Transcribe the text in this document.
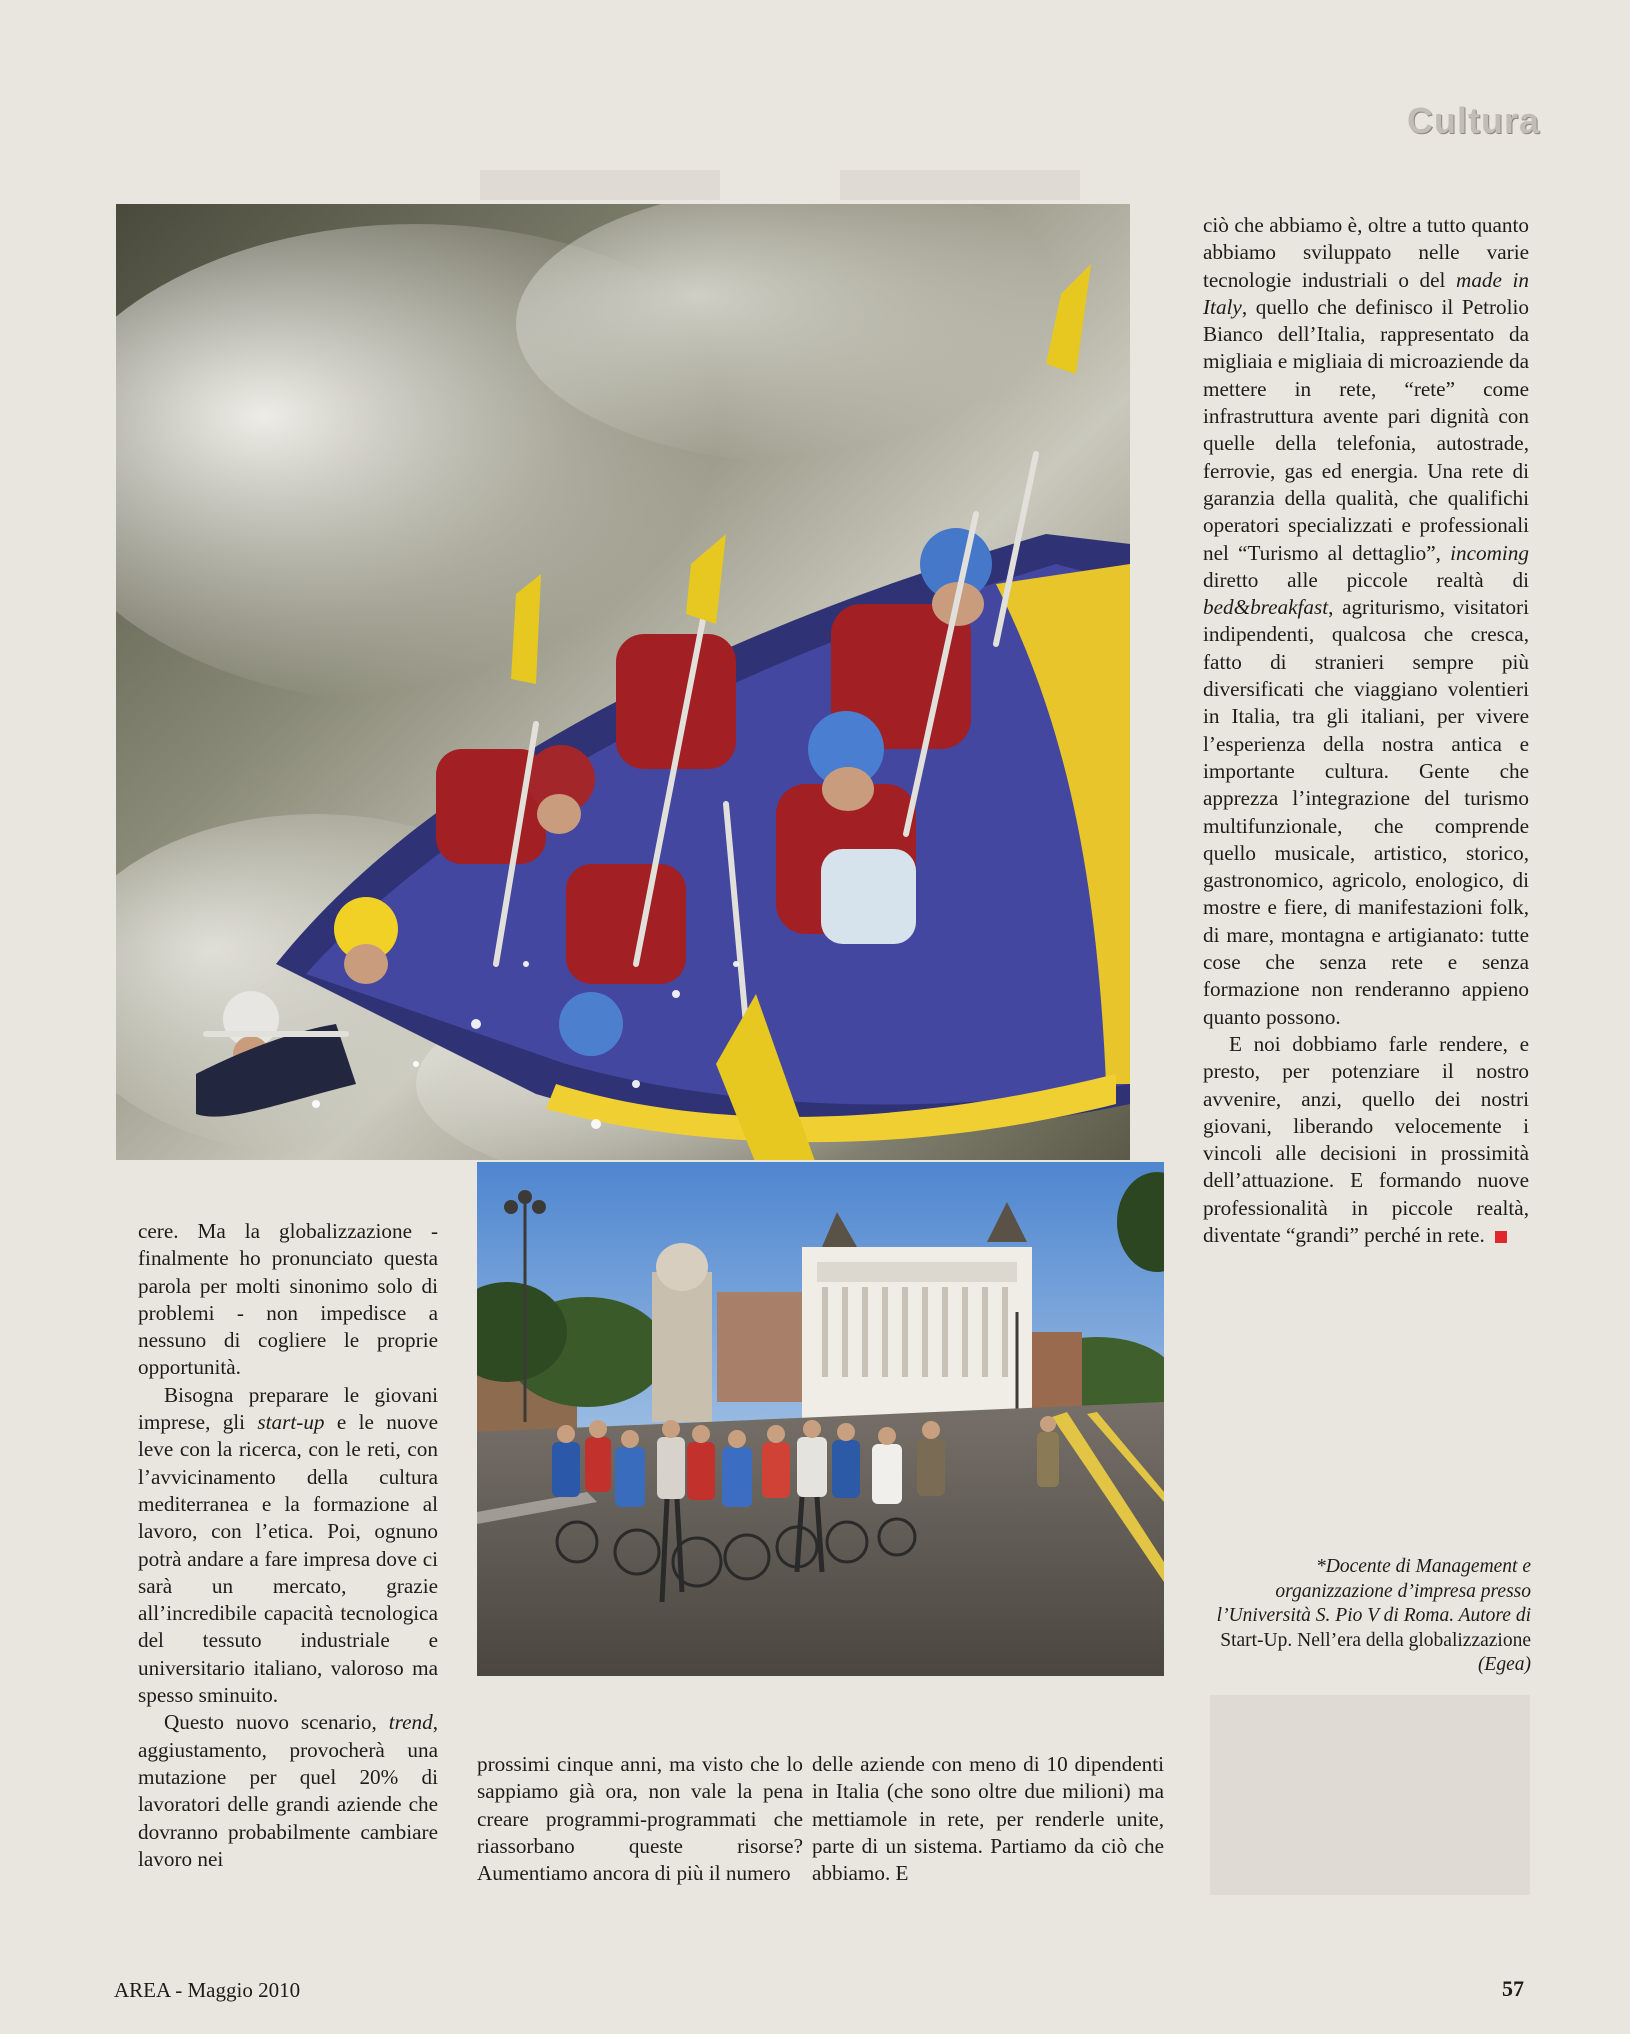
Cultura

ciò che abbiamo è, oltre a tutto quanto abbiamo sviluppato nelle varie tecnologie industriali o del made in Italy, quello che definisco il Petrolio Bianco dell’Italia, rappresentato da migliaia e migliaia di microaziende da mettere in rete, “rete” come infrastruttura avente pari dignità con quelle della telefonia, autostrade, ferrovie, gas ed energia. Una rete di garanzia della qualità, che qualifichi operatori specializzati e professionali nel “Turismo al dettaglio”, incoming diretto alle piccole realtà di bed&breakfast, agriturismo, visitatori indipendenti, qualcosa che cresca, fatto di stranieri sempre più diversificati che viaggiano volentieri in Italia, tra gli italiani, per vivere l’esperienza della nostra antica e importante cultura. Gente che apprezza l’integrazione del turismo multifunzionale, che comprende quello musicale, artistico, storico, gastronomico, agricolo, enologico, di mostre e fiere, di manifestazioni folk, di mare, montagna e artigianato: tutte cose che senza rete e senza formazione non renderanno appieno quanto possono.

E noi dobbiamo farle rendere, e presto, per potenziare il nostro avvenire, anzi, quello dei nostri giovani, liberando velocemente i vincoli alle decisioni in prossimità dell’attuazione. E formando nuove professionalità in piccole realtà, diventate “grandi” perché in rete.

cere. Ma la globalizzazione - finalmente ho pronunciato questa parola per molti sinonimo solo di problemi - non impedisce a nessuno di cogliere le proprie opportunità.

Bisogna preparare le giovani imprese, gli start-up e le nuove leve con la ricerca, con le reti, con l’avvicinamento della cultura mediterranea e la formazione al lavoro, con l’etica. Poi, ognuno potrà andare a fare impresa dove ci sarà un mercato, grazie all’incredibile capacità tecnologica del tessuto industriale e universitario italiano, valoroso ma spesso sminuito.

Questo nuovo scenario, trend, aggiustamento, provocherà una mutazione per quel 20% di lavoratori delle grandi aziende che dovranno probabilmente cambiare lavoro nei

prossimi cinque anni, ma visto che lo sappiamo già ora, non vale la pena creare programmi-programmati che riassorbano queste risorse? Aumentiamo ancora di più il numero

delle aziende con meno di 10 dipendenti in Italia (che sono oltre due milioni) ma mettiamole in rete, per renderle unite, parte di un sistema. Partiamo da ciò che abbiamo. E

*Docente di Management e organizzazione d’impresa presso l’Università S. Pio V di Roma. Autore di Start-Up. Nell’era della globalizzazione (Egea)
AREA - Maggio 2010	57
